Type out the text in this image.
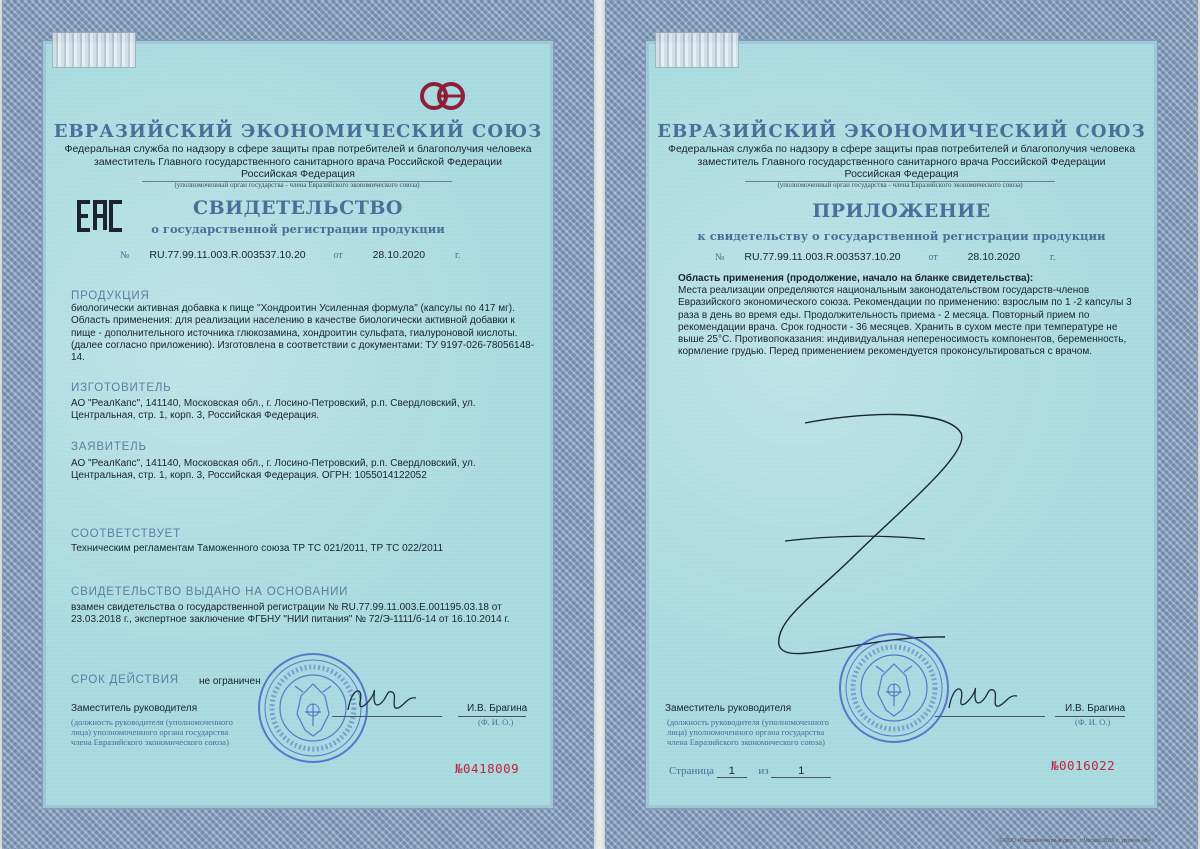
ЕВРАЗИЙСКИЙ ЭКОНОМИЧЕСКИЙ СОЮЗ
Федеральная служба по надзору в сфере защиты прав потребителей и благополучия человека
заместитель Главного государственного санитарного врача Российской Федерации
Российская Федерация
(уполномоченный орган государства - члена Евразийского экономического союза)
СВИДЕТЕЛЬСТВО
о государственной регистрации продукции
№ RU.77.99.11.003.R.003537.10.20	от	28.10.2020	г.
ПРОДУКЦИЯ
биологически активная добавка к пище "Хондроитин Усиленная формула" (капсулы по 417 мг).
Область применения: для реализации населению в качестве биологически активной добавки к
пище - дополнительного источника глюкозамина, хондроитин сульфата, гиалуроновой кислоты.
(далее согласно приложению). Изготовлена в соответствии с документами: ТУ 9197-026-78056148-
14.
ИЗГОТОВИТЕЛЬ
АО "РеалКапс", 141140, Московская обл., г. Лосино-Петровский, р.п. Свердловский, ул.
Центральная, стр. 1, корп. 3, Российская Федерация.
ЗАЯВИТЕЛЬ
АО "РеалКапс", 141140, Московская обл., г. Лосино-Петровский, р.п. Свердловский, ул.
Центральная, стр. 1, корп. 3, Российская Федерация. ОГРН: 1055014122052
СООТВЕТСТВУЕТ
Техническим регламентам Таможенного союза ТР ТС 021/2011, ТР ТС 022/2011
СВИДЕТЕЛЬСТВО ВЫДАНО НА ОСНОВАНИИ
взамен свидетельства о государственной регистрации № RU.77.99.11.003.Е.001195.03.18 от
23.03.2018 г., экспертное заключение ФГБНУ "НИИ питания" № 72/Э-1111/б-14 от 16.10.2014 г.
СРОК ДЕЙСТВИЯ не ограничен
Заместитель руководителя	И.В. Брагина
(должность руководителя (уполномоченного
лица) уполномоченного органа государства
члена Евразийского экономического союза)
(Ф. И. О.)
№0418009
ЕВРАЗИЙСКИЙ ЭКОНОМИЧЕСКИЙ СОЮЗ
Федеральная служба по надзору в сфере защиты прав потребителей и благополучия человека
заместитель Главного государственного санитарного врача Российской Федерации
Российская Федерация
(уполномоченный орган государства - члена Евразийского экономического союза)
ПРИЛОЖЕНИЕ
к свидетельству о государственной регистрации продукции
№ RU.77.99.11.003.R.003537.10.20	от	28.10.2020	г.
Область применения (продолжение, начало на бланке свидетельства):
Места реализации определяются национальным законодательством государств-членов
Евразийского экономического союза. Рекомендации по применению: взрослым по 1 -2 капсулы 3
раза в день во время еды. Продолжительность приема - 2 месяца. Повторный прием по
рекомендации врача. Срок годности - 36 месяцев. Хранить в сухом месте при температуре не
выше 25°С. Противопоказания: индивидуальная непереносимость компонентов, беременность,
кормление грудью. Перед применением рекомендуется проконсультироваться с врачом.
Заместитель руководителя	И.В. Брагина
(должность руководителя (уполномоченного
лица) уполномоченного органа государства
члена Евразийского экономического союза)
(Ф. И. О.)
Страница 1 из	1	№0016022
© ООО «Первый печатный двор», г. Москва, 2019 г., уровень «В»
